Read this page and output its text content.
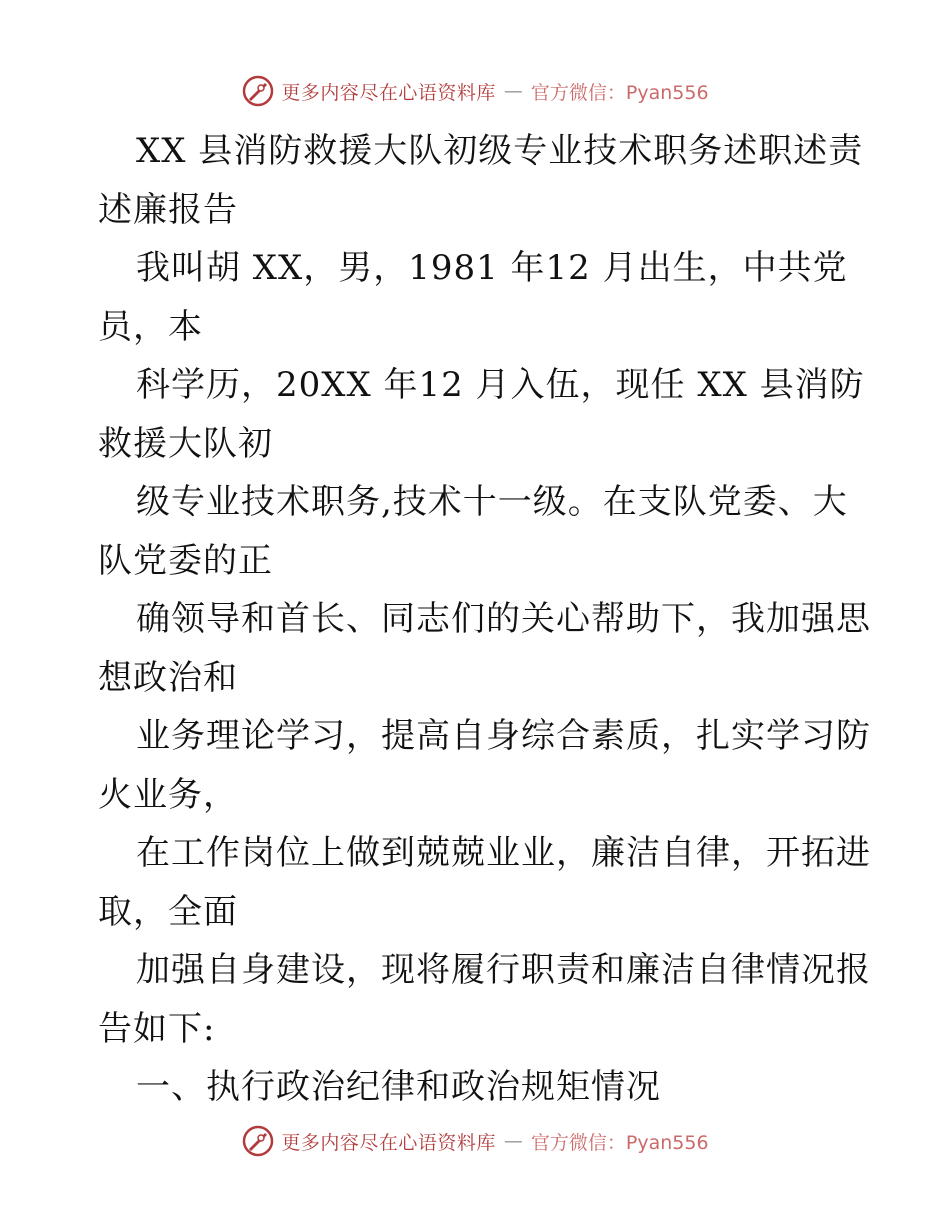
更多内容尽在心语资料库 — 官方微信：Pyan556
XX 县消防救援大队初级专业技术职务述职述责
述廉报告
我叫胡 XX，男，1981 年12 月出生，中共党
员，本
科学历，20XX 年12 月入伍，现任 XX 县消防
救援大队初
级专业技术职务,技术十一级。在支队党委、大
队党委的正
确领导和首长、同志们的关心帮助下，我加强思
想政治和
业务理论学习，提高自身综合素质，扎实学习防
火业务，
在工作岗位上做到兢兢业业，廉洁自律，开拓进
取，全面
加强自身建设，现将履行职责和廉洁自律情况报
告如下:
一、执行政治纪律和政治规矩情况
更多内容尽在心语资料库 — 官方微信：Pyan556
